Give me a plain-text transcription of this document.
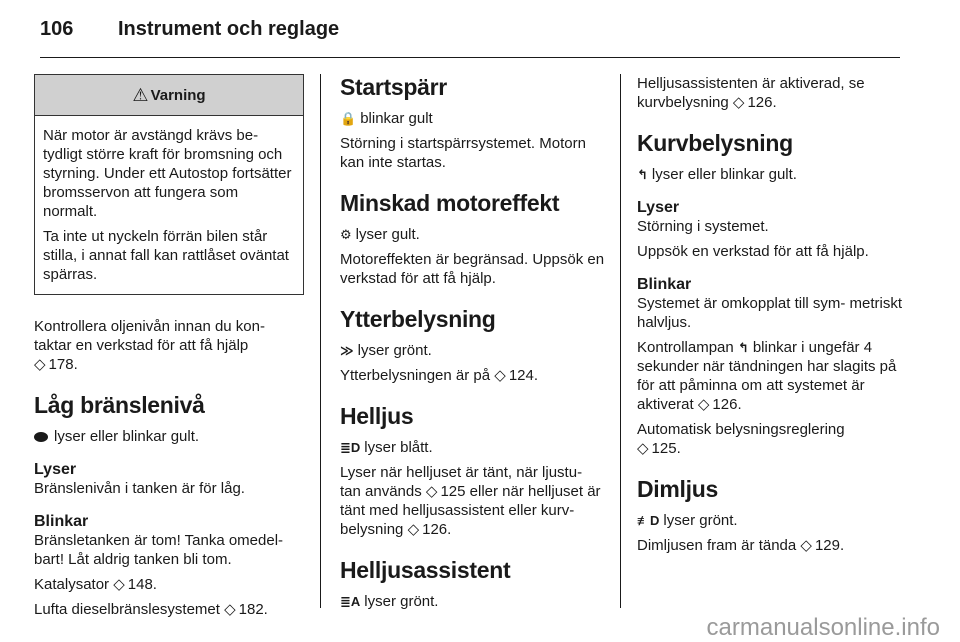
106 Instrument och reglage
⚠ Varning

När motor är avstängd krävs be- tydligt större kraft för bromsning och styrning. Under ett Autostop fortsätter bromsservon att fungera som normalt.

Ta inte ut nyckeln förrän bilen står stilla, i annat fall kan rattlåset oväntat spärras.

Kontrollera oljenivån innan du kon- taktar en verkstad för att få hjälp
◇ 178.

Låg bränslenivå

lyser eller blinkar gult.

Lyser

Bränslenivån i tanken är för låg.

Blinkar

Bränsletanken är tom! Tanka omedel- bart! Låt aldrig tanken bli tom.

Katalysator ◇ 148.

Lufta dieselbränslesystemet ◇ 182.

Startspärr

🔒 blinkar gult

Störning i startspärrsystemet. Motorn kan inte startas.

Minskad motoreffekt

⚙ lyser gult.

Motoreffekten är begränsad. Uppsök en verkstad för att få hjälp.

Ytterbelysning

≫ lyser grönt.

Ytterbelysningen är på ◇ 124.

Helljus

≣D lyser blått.

Lyser när helljuset är tänt, när ljustu- tan används ◇ 125 eller när helljuset är tänt med helljusassistent eller kurv- belysning ◇ 126.

Helljusassistent

≣A lyser grönt.

Helljusassistenten är aktiverad, se kurvbelysning ◇ 126.

Kurvbelysning

↰ lyser eller blinkar gult.

Lyser

Störning i systemet.

Uppsök en verkstad för att få hjälp.

Blinkar

Systemet är omkopplat till sym- metriskt halvljus.

Kontrollampan ↰ blinkar i ungefär 4 sekunder när tändningen har slagits på för att påminna om att systemet är aktiverat ◇ 126.

Automatisk belysningsreglering
◇ 125.

Dimljus

≢D lyser grönt.

Dimljusen fram är tända ◇ 129.

carmanualsonline.info
